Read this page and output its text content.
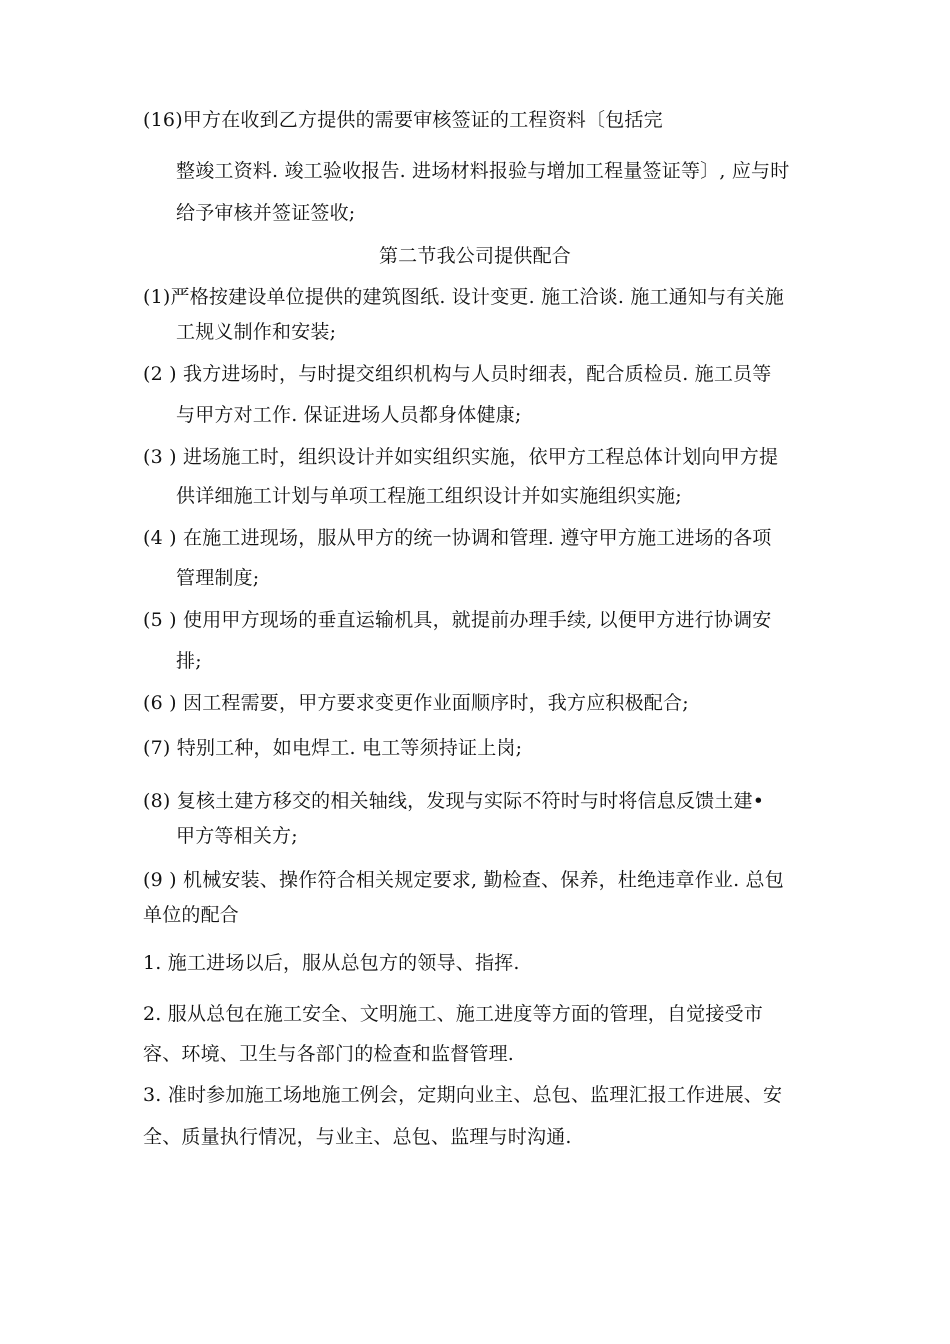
(16)甲方在收到乙方提供的需要审核签证的工程资料〔包括完
整竣工资料. 竣工验收报告. 进场材料报验与增加工程量签证等〕, 应与时
给予审核并签证签收;
第二节我公司提供配合
(1)严格按建设单位提供的建筑图纸. 设计变更. 施工洽谈. 施工通知与有关施
工规义制作和安装;
(2 ) 我方进场时，与时提交组织机构与人员时细表，配合质检员. 施工员等
与甲方对工作. 保证进场人员都身体健康;
(3 ) 进场施工时，组织设计并如实组织实施，依甲方工程总体计划向甲方提
供详细施工计划与单项工程施工组织设计并如实施组织实施;
(4 ) 在施工进现场，服从甲方的统一协调和管理. 遵守甲方施工进场的各项
管理制度;
(5 ) 使用甲方现场的垂直运输机具，就提前办理手续, 以便甲方进行协调安
排;
(6 ) 因工程需要，甲方要求变更作业面顺序时，我方应积极配合;
(7) 特别工种，如电焊工. 电工等须持证上岗;
(8) 复核土建方移交的相关轴线，发现与实际不符时与时将信息反馈土建•
甲方等相关方;
(9 ) 机械安装、操作符合相关规定要求, 勤检查、保养，杜绝违章作业. 总包
单位的配合
1. 施工进场以后，服从总包方的领导、指挥.
2. 服从总包在施工安全、文明施工、施工进度等方面的管理，自觉接受市
容、环境、卫生与各部门的检查和监督管理.
3. 准时参加施工场地施工例会，定期向业主、总包、监理汇报工作进展、安
全、质量执行情况，与业主、总包、监理与时沟通.
